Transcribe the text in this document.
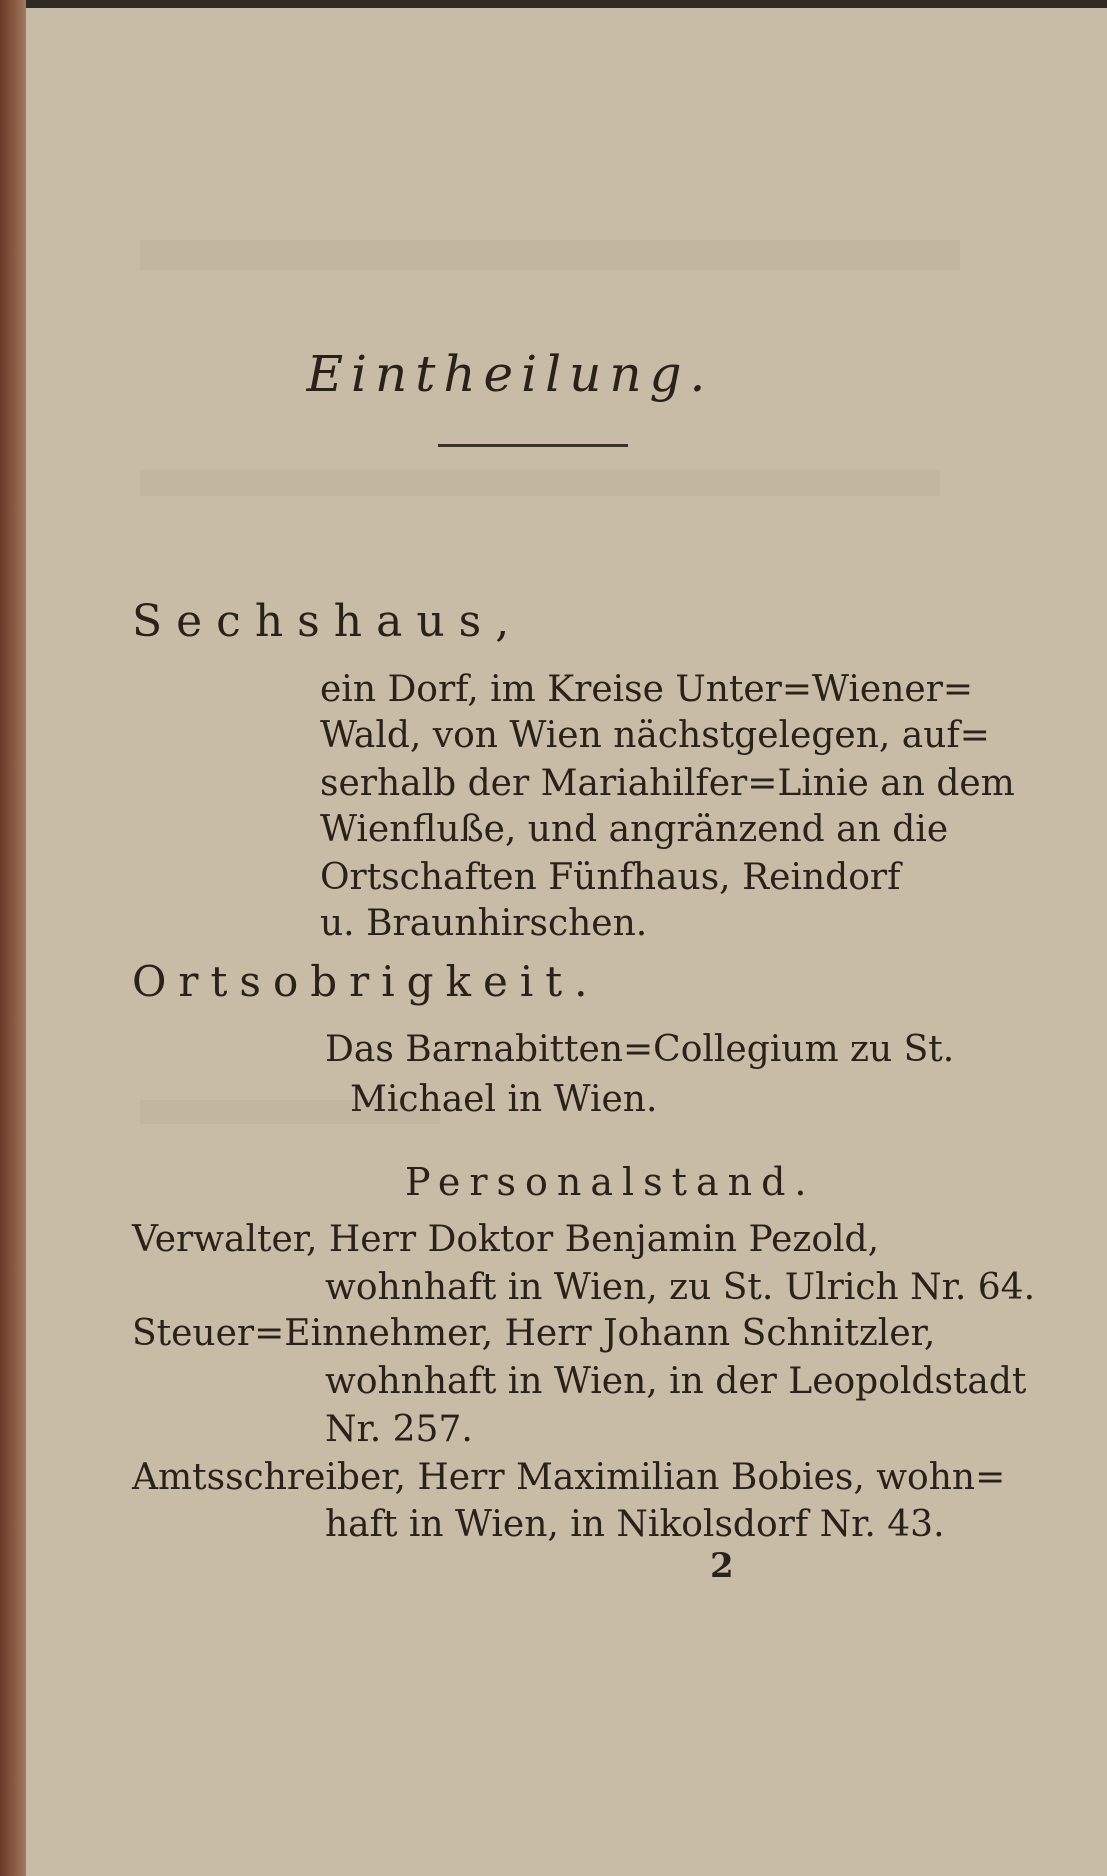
Eintheilung.
Sechshaus,
ein Dorf, im Kreise Unter=Wiener=
Wald, von Wien nächstgelegen, auf=
serhalb der Mariahilfer=Linie an dem
Wienfluße, und angränzend an die
Ortschaften Fünfhaus, Reindorf
u. Braunhirschen.
Ortsobrigkeit.
Das Barnabitten=Collegium zu St.
Michael in Wien.
Personalstand.
Verwalter, Herr Doktor Benjamin Pezold,
wohnhaft in Wien, zu St. Ulrich Nr. 64.
Steuer=Einnehmer, Herr Johann Schnitzler,
wohnhaft in Wien, in der Leopoldstadt
Nr. 257.
Amtsschreiber, Herr Maximilian Bobies, wohn=
haft in Wien, in Nikolsdorf Nr. 43.
2
